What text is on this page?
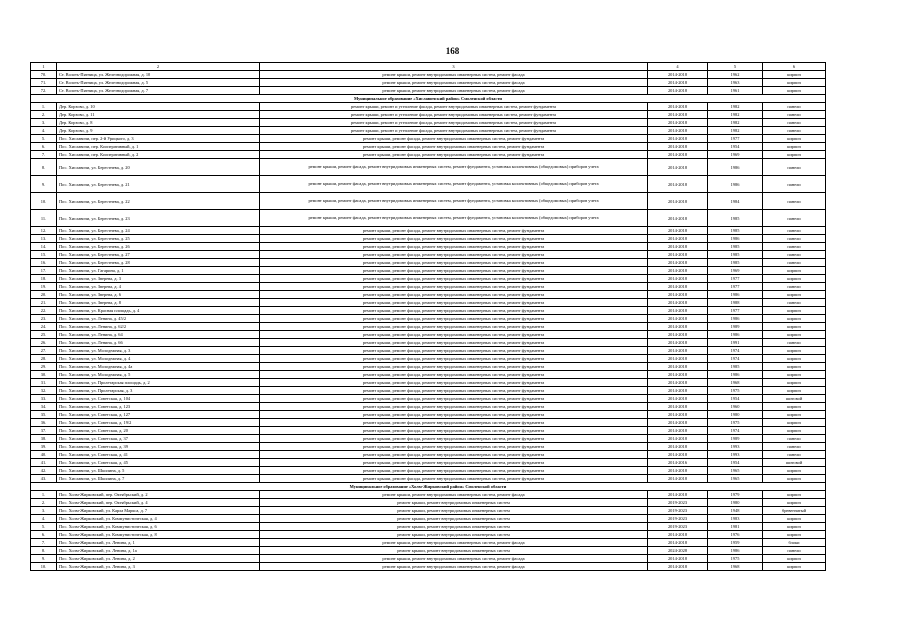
168
1	2	3	4	5	6
70.	Ст. Волоть-Пятница, ул. Железнодорожная, д. 10	ремонт крыши, ремонт внутридомовых инженерных систем, ремонт фасада	2014-2018	1962	кирпич
71.	Ст. Волоть-Пятница, ул. Железнодорожная, д. 5	ремонт крыши, ремонт внутридомовых инженерных систем, ремонт фасада	2014-2018	1963	кирпич
72.	Ст. Волоть-Пятница, ул. Железнодорожная, д. 7	ремонт крыши, ремонт внутридомовых инженерных систем, ремонт фасада	2014-2018	1961	кирпич
Муниципальное образование «Хиславичский район» Смоленской области					
1.	Дер. Корзово, д. 10	ремонт крыши, ремонт и утепление фасада, ремонт внутридомовых инженерных систем, ремонт фундамента	2014-2018	1982	панели
2.	Дер. Корзово, д. 11	ремонт крыши, ремонт и утепление фасада, ремонт внутридомовых инженерных систем, ремонт фундамента	2014-2018	1982	панели
3.	Дер. Корзово, д. 8	ремонт крыши, ремонт и утепление фасада, ремонт внутридомовых инженерных систем, ремонт фундамента	2014-2018	1982	панели
4.	Дер. Корзово, д. 9	ремонт крыши, ремонт и утепление фасада, ремонт внутридомовых инженерных систем, ремонт фундамента	2014-2018	1982	панели
5.	Пос. Хиславичи, пер. 2-й Урицкого, д. 3	ремонт крыши, ремонт фасада, ремонт внутридомовых инженерных систем, ремонт фундамента	2014-2018	1977	кирпич
6.	Пос. Хиславичи, пер. Кооперативный, д. 1	ремонт крыши, ремонт фасада, ремонт внутридомовых инженерных систем, ремонт фундамента	2014-2018	1954	кирпич
7.	Пос. Хиславичи, пер. Кооперативный, д. 2	ремонт крыши, ремонт фасада, ремонт внутридомовых инженерных систем, ремонт фундамента	2014-2018	1969	кирпич
8.	Пос. Хиславичи, ул. Берестнева, д. 20	ремонт крыши, ремонт фасада, ремонт внутридомовых инженерных систем, ремонт фундамента, установка коллективных (общедомовых) приборов учета	2014-2018	1986	панели
9.	Пос. Хиславичи, ул. Берестнева, д. 21	ремонт крыши, ремонт фасада, ремонт внутридомовых инженерных систем, ремонт фундамента, установка коллективных (общедомовых) приборов учета	2014-2018	1986	панели
10.	Пос. Хиславичи, ул. Берестнева, д. 22	ремонт крыши, ремонт фасада, ремонт внутридомовых инженерных систем, ремонт фундамента, установка коллективных (общедомовых) приборов учета	2014-2018	1984	панели
11.	Пос. Хиславичи, ул. Берестнева, д. 23	ремонт крыши, ремонт фасада, ремонт внутридомовых инженерных систем, ремонт фундамента, установка коллективных (общедомовых) приборов учета	2014-2018	1985	панели
12.	Пос. Хиславичи, ул. Берестнева, д. 24	ремонт крыши, ремонт фасада, ремонт внутридомовых инженерных систем, ремонт фундамента	2014-2018	1985	панели
13.	Пос. Хиславичи, ул. Берестнева, д. 25	ремонт крыши, ремонт фасада, ремонт внутридомовых инженерных систем, ремонт фундамента	2014-2018	1986	панели
14.	Пос. Хиславичи, ул. Берестнева, д. 26	ремонт крыши, ремонт фасада, ремонт внутридомовых инженерных систем, ремонт фундамента	2014-2018	1985	панели
15.	Пос. Хиславичи, ул. Берестнева, д. 27	ремонт крыши, ремонт фасада, ремонт внутридомовых инженерных систем, ремонт фундамента	2014-2018	1985	панели
16.	Пос. Хиславичи, ул. Берестнева, д. 28	ремонт крыши, ремонт фасада, ремонт внутридомовых инженерных систем, ремонт фундамента	2014-2018	1985	панели
17.	Пос. Хиславичи, ул. Гагарина, д. 1	ремонт крыши, ремонт фасада, ремонт внутридомовых инженерных систем, ремонт фундамента	2014-2018	1969	кирпич
18.	Пос. Хиславичи, ул. Зверева, д. 3	ремонт крыши, ремонт фасада, ремонт внутридомовых инженерных систем, ремонт фундамента	2014-2018	1977	кирпич
19.	Пос. Хиславичи, ул. Зверева, д. 4	ремонт крыши, ремонт фасада, ремонт внутридомовых инженерных систем, ремонт фундамента	2014-2018	1977	панели
20.	Пос. Хиславичи, ул. Зверева, д. 6	ремонт крыши, ремонт фасада, ремонт внутридомовых инженерных систем, ремонт фундамента	2014-2018	1986	кирпич
21.	Пос. Хиславичи, ул. Зверева, д. 8	ремонт крыши, ремонт фасада, ремонт внутридомовых инженерных систем, ремонт фундамента	2014-2018	1988	панели
22.	Пос. Хиславичи, ул. Красная площадь, д. 4	ремонт крыши, ремонт фасада, ремонт внутридомовых инженерных систем, ремонт фундамента	2014-2018	1977	кирпич
23.	Пос. Хиславичи, ул. Ленина, д. 45/2	ремонт крыши, ремонт фасада, ремонт внутридомовых инженерных систем, ремонт фундамента	2014-2018	1986	кирпич
24.	Пос. Хиславичи, ул. Ленина, д. 62/2	ремонт крыши, ремонт фасада, ремонт внутридомовых инженерных систем, ремонт фундамента	2014-2018	1989	кирпич
25.	Пос. Хиславичи, ул. Ленина, д. 64	ремонт крыши, ремонт фасада, ремонт внутридомовых инженерных систем, ремонт фундамента	2014-2018	1986	кирпич
26.	Пос. Хиславичи, ул. Ленина, д. 66	ремонт крыши, ремонт фасада, ремонт внутридомовых инженерных систем, ремонт фундамента	2014-2018	1991	панели
27.	Пос. Хиславичи, ул. Молодежная, д. 3	ремонт крыши, ремонт фасада, ремонт внутридомовых инженерных систем, ремонт фундамента	2014-2018	1974	кирпич
28.	Пос. Хиславичи, ул. Молодежная, д. 4	ремонт крыши, ремонт фасада, ремонт внутридомовых инженерных систем, ремонт фундамента	2014-2018	1974	кирпич
29.	Пос. Хиславичи, ул. Молодежная, д. 4а	ремонт крыши, ремонт фасада, ремонт внутридомовых инженерных систем, ремонт фундамента	2014-2018	1985	кирпич
30.	Пос. Хиславичи, ул. Молодежная, д. 5	ремонт крыши, ремонт фасада, ремонт внутридомовых инженерных систем, ремонт фундамента	2014-2018	1986	кирпич
31.	Пос. Хиславичи, ул. Пролетарская площадь, д. 2	ремонт крыши, ремонт фасада, ремонт внутридомовых инженерных систем, ремонт фундамента	2014-2018	1968	кирпич
32.	Пос. Хиславичи, ул. Пролетарская, д. 3	ремонт крыши, ремонт фасада, ремонт внутридомовых инженерных систем, ремонт фундамента	2014-2018	1975	кирпич
33.	Пос. Хиславичи, ул. Советская, д. 104	ремонт крыши, ремонт фасада, ремонт внутридомовых инженерных систем, ремонт фундамента	2014-2018	1954	шитовой
34.	Пос. Хиславичи, ул. Советская, д. 123	ремонт крыши, ремонт фасада, ремонт внутридомовых инженерных систем, ремонт фундамента	2014-2018	1960	кирпич
35.	Пос. Хиславичи, ул. Советская, д. 127	ремонт крыши, ремонт фасада, ремонт внутридомовых инженерных систем, ремонт фундамента	2014-2018	1980	кирпич
36.	Пос. Хиславичи, ул. Советская, д. 19/2	ремонт крыши, ремонт фасада, ремонт внутридомовых инженерных систем, ремонт фундамента	2014-2018	1975	кирпич
37.	Пос. Хиславичи, ул. Советская, д. 20	ремонт крыши, ремонт фасада, ремонт внутридомовых инженерных систем, ремонт фундамента	2014-2018	1974	кирпич
38.	Пос. Хиславичи, ул. Советская, д. 37	ремонт крыши, ремонт фасада, ремонт внутридомовых инженерных систем, ремонт фундамента	2014-2018	1989	панели
39.	Пос. Хиславичи, ул. Советская, д. 39	ремонт крыши, ремонт фасада, ремонт внутридомовых инженерных систем, ремонт фундамента	2014-2018	1993	панели
40.	Пос. Хиславичи, ул. Советская, д. 41	ремонт крыши, ремонт фасада, ремонт внутридомовых инженерных систем, ремонт фундамента	2014-2018	1993	панели
41.	Пос. Хиславичи, ул. Советская, д. 45	ремонт крыши, ремонт фасада, ремонт внутридомовых инженерных систем, ремонт фундамента	2014-2016	1954	шитовой
42.	Пос. Хиславичи, ул. Шкилина, д. 5	ремонт крыши, ремонт фасада, ремонт внутридомовых инженерных систем, ремонт фундамента	2014-2018	1965	кирпич
43.	Пос. Хиславичи, ул. Шкилина, д. 7	ремонт крыши, ремонт фасада, ремонт внутридомовых инженерных систем, ремонт фундамента	2014-2018	1965	кирпич
Муниципальное образование «Холм-Жирковский район» Смоленской области					
1.	Пос. Холм-Жирковский, пер. Октябрьский, д. 2	ремонт крыши, ремонт внутридомовых инженерных систем, ремонт фасада	2014-2018	1979	кирпич
2.	Пос. Холм-Жирковский, пер. Октябрьский, д. 4	ремонт крыши, ремонт внутридомовых инженерных систем	2019-2023	1980	кирпич
3.	Пос. Холм-Жирковский, ул. Карла Маркса, д. 7	ремонт крыши, ремонт внутридомовых инженерных систем	2019-2023	1948	бревенчатый
4.	Пос. Холм-Жирковский, ул. Коммунистическая, д. 4	ремонт крыши, ремонт внутридомовых инженерных систем	2019-2023	1983	кирпич
5.	Пос. Холм-Жирковский, ул. Коммунистическая, д. 6	ремонт крыши, ремонт внутридомовых инженерных систем	2019-2023	1981	кирпич
6.	Пос. Холм-Жирковский, ул. Коммунистическая, д. 8	ремонт крыши, ремонт внутридомовых инженерных систем	2014-2018	1976	кирпич
7.	Пос. Холм-Жирковский, ул. Ленина, д. 1	ремонт крыши, ремонт внутридомовых инженерных систем, ремонт фасада	2014-2018	1959	блоки
8.	Пос. Холм-Жирковский, ул. Ленина, д. 1а	ремонт крыши, ремонт внутридомовых инженерных систем	2024-2028	1986	панели
9.	Пос. Холм-Жирковский, ул. Ленина, д. 2	ремонт крыши, ремонт внутридомовых инженерных систем, ремонт фасада	2014-2018	1975	кирпич
10.	Пос. Холм-Жирковский, ул. Ленина, д. 3	ремонт крыши, ремонт внутридомовых инженерных систем, ремонт фасада	2014-2018	1968	кирпич
